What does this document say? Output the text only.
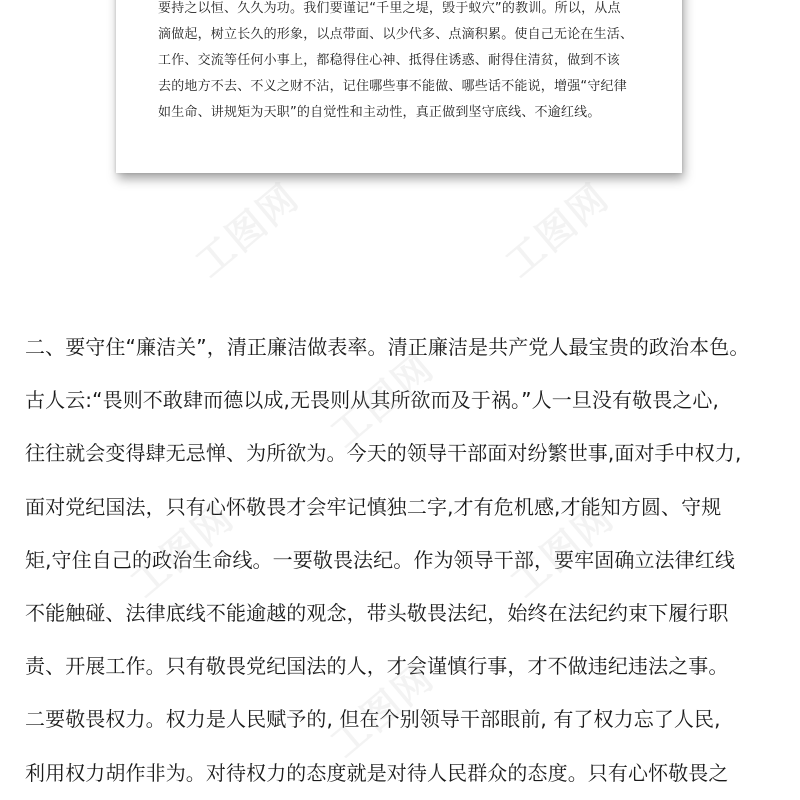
要持之以恒、久久为功。我们要谨记“千里之堤，毁于蚁穴”的教训。所以，从点
滴做起，树立长久的形象，以点带面、以少代多、点滴积累。使自己无论在生活、
工作、交流等任何小事上，都稳得住心神、抵得住诱惑、耐得住清贫，做到不该
去的地方不去、不义之财不沾，记住哪些事不能做、哪些话不能说，增强“守纪律
如生命、讲规矩为天职”的自觉性和主动性，真正做到坚守底线、不逾红线。
二、要守住“廉洁关”，清正廉洁做表率。清正廉洁是共产党人最宝贵的政治本色。
古人云:“畏则不敢肆而德以成,无畏则从其所欲而及于祸。”人一旦没有敬畏之心,
往往就会变得肆无忌惮、为所欲为。今天的领导干部面对纷繁世事,面对手中权力,
面对党纪国法，只有心怀敬畏才会牢记慎独二字,才有危机感,才能知方圆、守规
矩,守住自己的政治生命线。一要敬畏法纪。作为领导干部，要牢固确立法律红线
不能触碰、法律底线不能逾越的观念，带头敬畏法纪，始终在法纪约束下履行职
责、开展工作。只有敬畏党纪国法的人，才会谨慎行事，才不做违纪违法之事。
二要敬畏权力。权力是人民赋予的, 但在个别领导干部眼前, 有了权力忘了人民,
利用权力胡作非为。对待权力的态度就是对待人民群众的态度。只有心怀敬畏之
工图网	工图网
工图网
工图网	工图网
工图网
